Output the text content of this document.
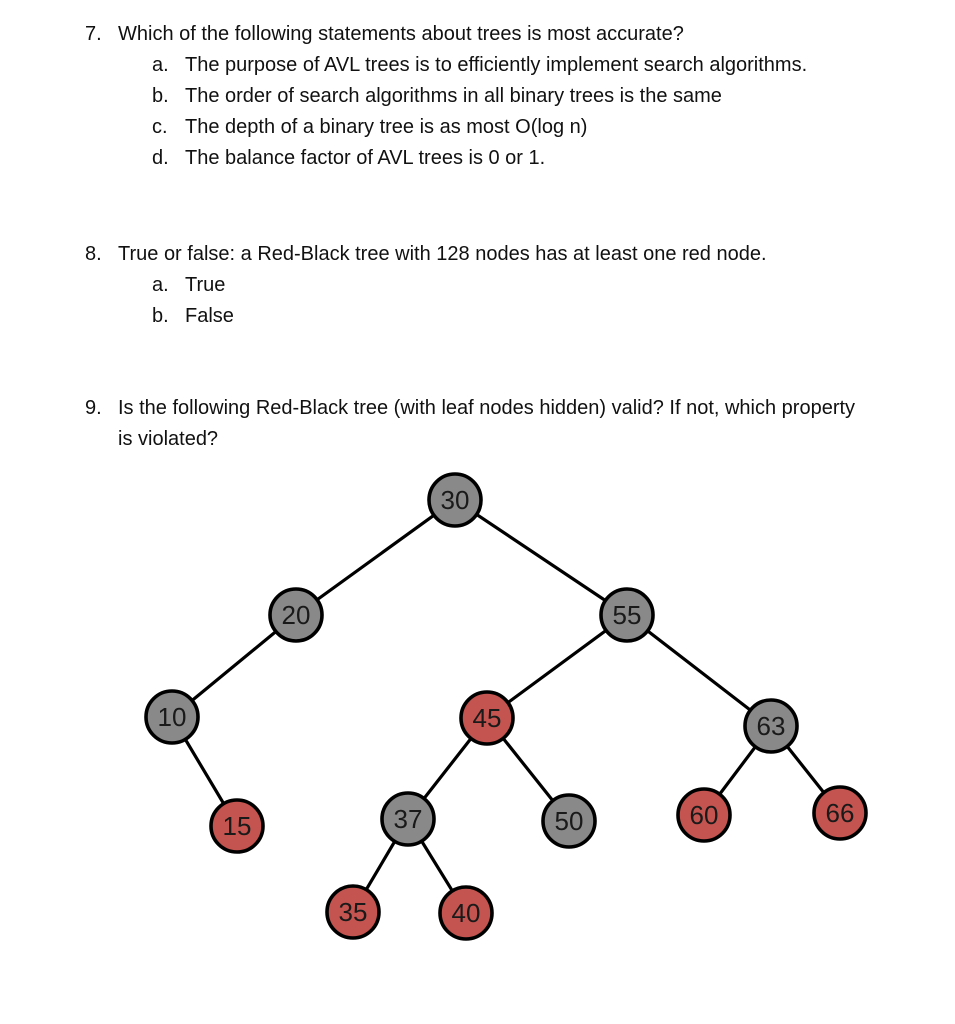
7. Which of the following statements about trees is most accurate?
a. The purpose of AVL trees is to efficiently implement search algorithms.
b. The order of search algorithms in all binary trees is the same
c. The depth of a binary tree is as most O(log n)
d. The balance factor of AVL trees is 0 or 1.
8. True or false: a Red-Black tree with 128 nodes has at least one red node.
a. True
b. False
9. Is the following Red-Black tree (with leaf nodes hidden) valid? If not, which property is violated?
30
20	55
10	45	63
15	37	50	60	66
35	40
